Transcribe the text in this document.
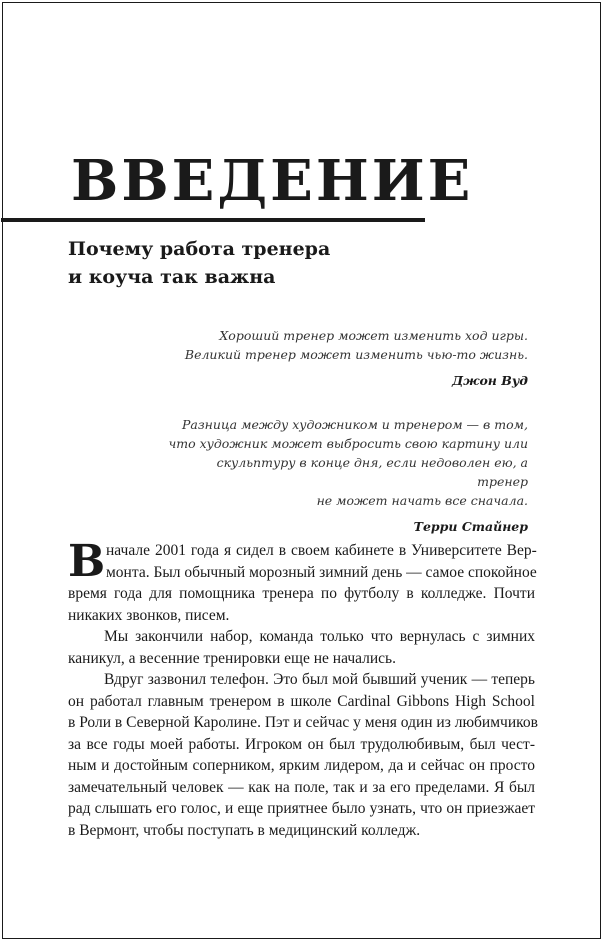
ВВЕДЕНИЕ
Почему работа тренера
и коуча так важна
Хороший тренер может изменить ход игры.
Великий тренер может изменить чью-то жизнь.
Джон Вуд
Разница между художником и тренером — в том,
что художник может выбросить свою картину или
скульптуру в конце дня, если недоволен ею, а тренер
не может начать все сначала.
Терри Стайнер

В начале 2001 года я сидел в своем кабинете в Университете Вер-
монта. Был обычный морозный зимний день — самое спокойное
время года для помощника тренера по футболу в колледже. Почти
никаких звонков, писем.

Мы закончили набор, команда только что вернулась с зимних
каникул, а весенние тренировки еще не начались.

Вдруг зазвонил телефон. Это был мой бывший ученик — теперь
он работал главным тренером в школе Cardinal Gibbons High School
в Роли в Северной Каролине. Пэт и сейчас у меня один из любимчиков
за все годы моей работы. Игроком он был трудолюбивым, был чест-
ным и достойным соперником, ярким лидером, да и сейчас он просто
замечательный человек — как на поле, так и за его пределами. Я был
рад слышать его голос, и еще приятнее было узнать, что он приезжает
в Вермонт, чтобы поступать в медицинский колледж.
